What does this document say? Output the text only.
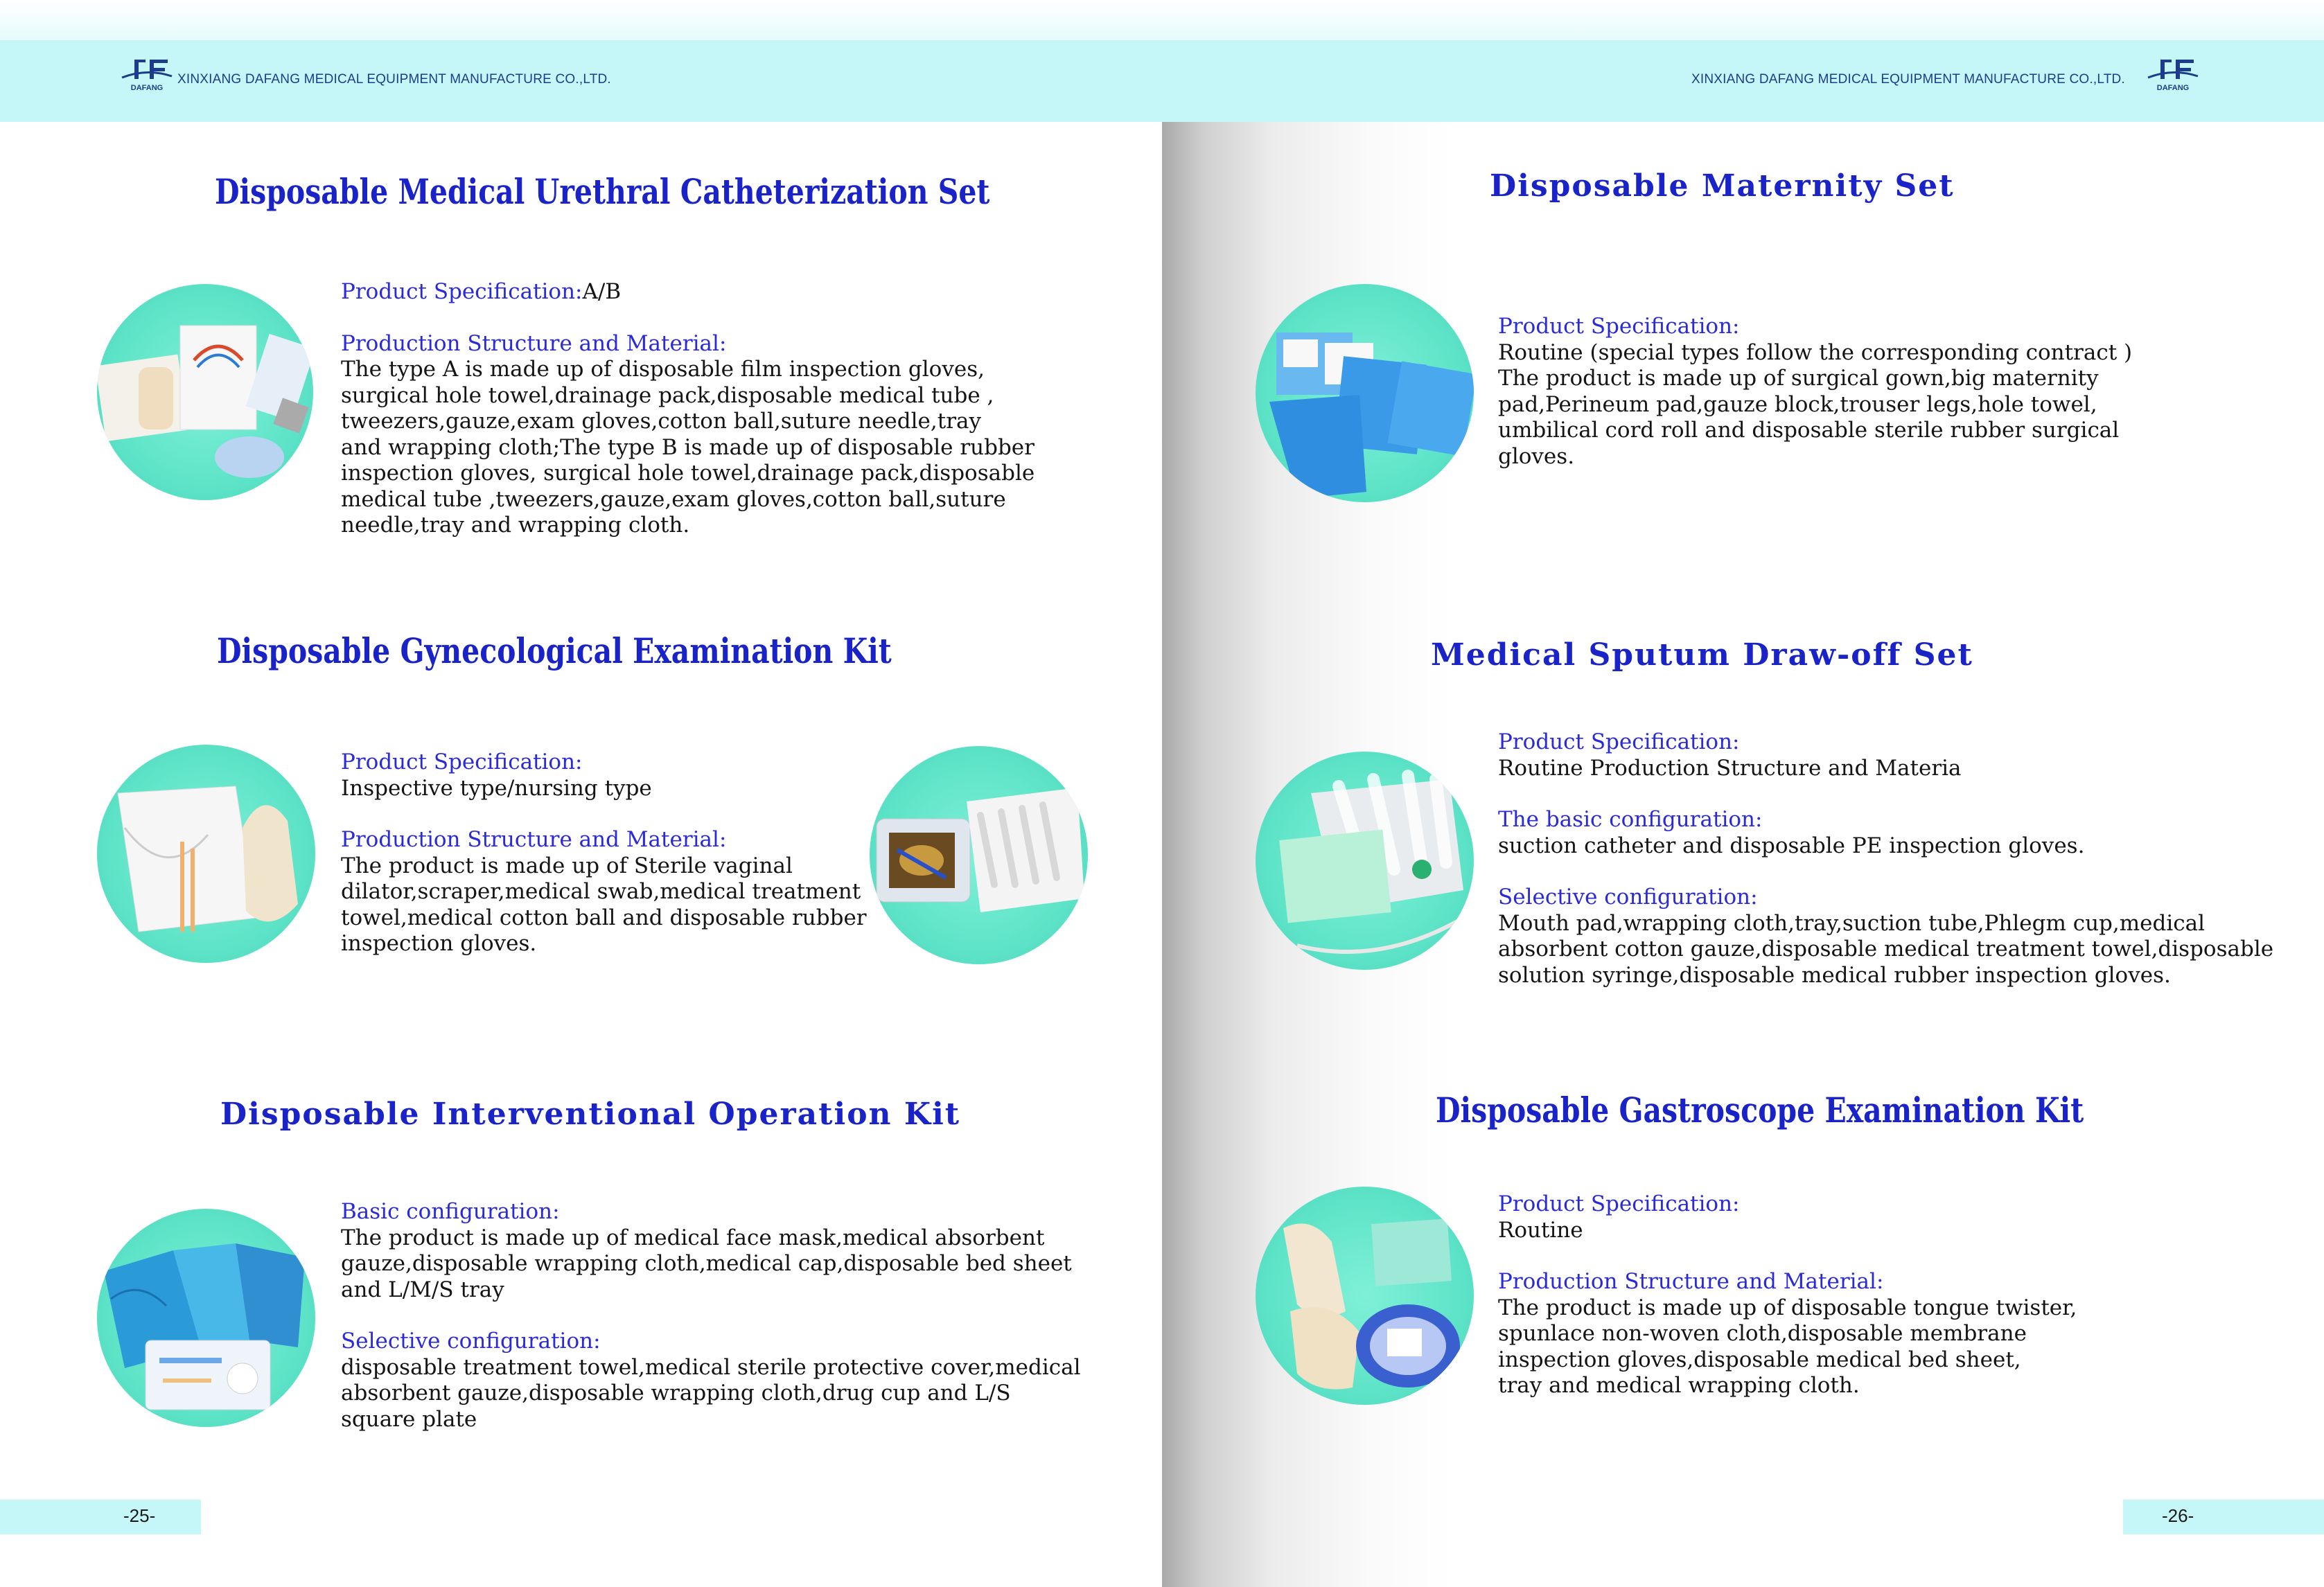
DAFANG
XINXIANG DAFANG MEDICAL EQUIPMENT MANUFACTURE CO.,LTD.
Disposable Medical Urethral Catheterization Set

Product Specification:A/B

Production Structure and Material:

The type A is made up of disposable film inspection gloves,

surgical hole towel,drainage pack,disposable medical tube ,

tweezers,gauze,exam gloves,cotton ball,suture needle,tray

and wrapping cloth;The type B is made up of disposable rubber

inspection gloves, surgical hole towel,drainage pack,disposable

medical tube ,tweezers,gauze,exam gloves,cotton ball,suture

needle,tray and wrapping cloth.

Disposable Gynecological Examination Kit

Product Specification:

Inspective type/nursing type

Production Structure and Material:

The product is made up of Sterile vaginal

dilator,scraper,medical swab,medical treatment

towel,medical cotton ball and disposable rubber

inspection gloves.

Disposable Interventional Operation Kit

Basic configuration:

The product is made up of medical face mask,medical absorbent

gauze,disposable wrapping cloth,medical cap,disposable bed sheet

and L/M/S tray

Selective configuration:

disposable treatment towel,medical sterile protective cover,medical

absorbent gauze,disposable wrapping cloth,drug cup and L/S

square plate

-25-
XINXIANG DAFANG MEDICAL EQUIPMENT MANUFACTURE CO.,LTD.
DAFANG
Disposable Maternity Set

Product Specification:

Routine (special types follow the corresponding contract )

The product is made up of surgical gown,big maternity

pad,Perineum pad,gauze block,trouser legs,hole towel,

umbilical cord roll and disposable sterile rubber surgical

gloves.

Medical Sputum Draw-off Set

Product Specification:

Routine Production Structure and Materia

The basic configuration:

suction catheter and disposable PE inspection gloves.

Selective configuration:

Mouth pad,wrapping cloth,tray,suction tube,Phlegm cup,medical

absorbent cotton gauze,disposable medical treatment towel,disposable

solution syringe,disposable medical rubber inspection gloves.

Disposable Gastroscope Examination Kit

Product Specification:

Routine

Production Structure and Material:

The product is made up of disposable tongue twister,

spunlace non-woven cloth,disposable membrane

inspection gloves,disposable medical bed sheet,

tray and medical wrapping cloth.

-26-
